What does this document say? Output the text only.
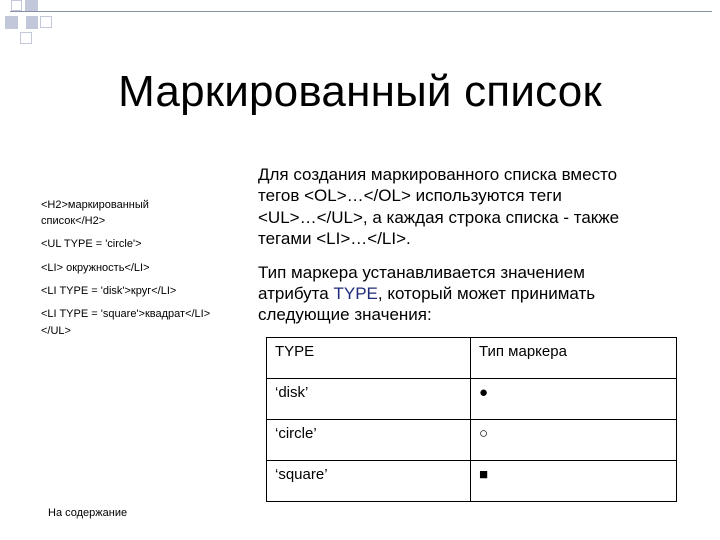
Маркированный список
<H2>маркированный
список</H2>
<UL TYPE = 'circle'>
<LI> окружность</LI>
<LI TYPE = 'disk'>круг</LI>
<LI TYPE = 'square'>квадрат</LI>
</UL>
Для создания маркированного списка вместо
тегов <OL>…</OL> используются теги
<UL>…</UL>, а каждая строка списка - также
тегами <LI>…</LI>.
Тип маркера устанавливается значением
атрибута TYPE, который может принимать
следующие значения:
TYPE	Тип маркера
‘disk’	●
‘circle’	○
‘square’	■
На содержание
